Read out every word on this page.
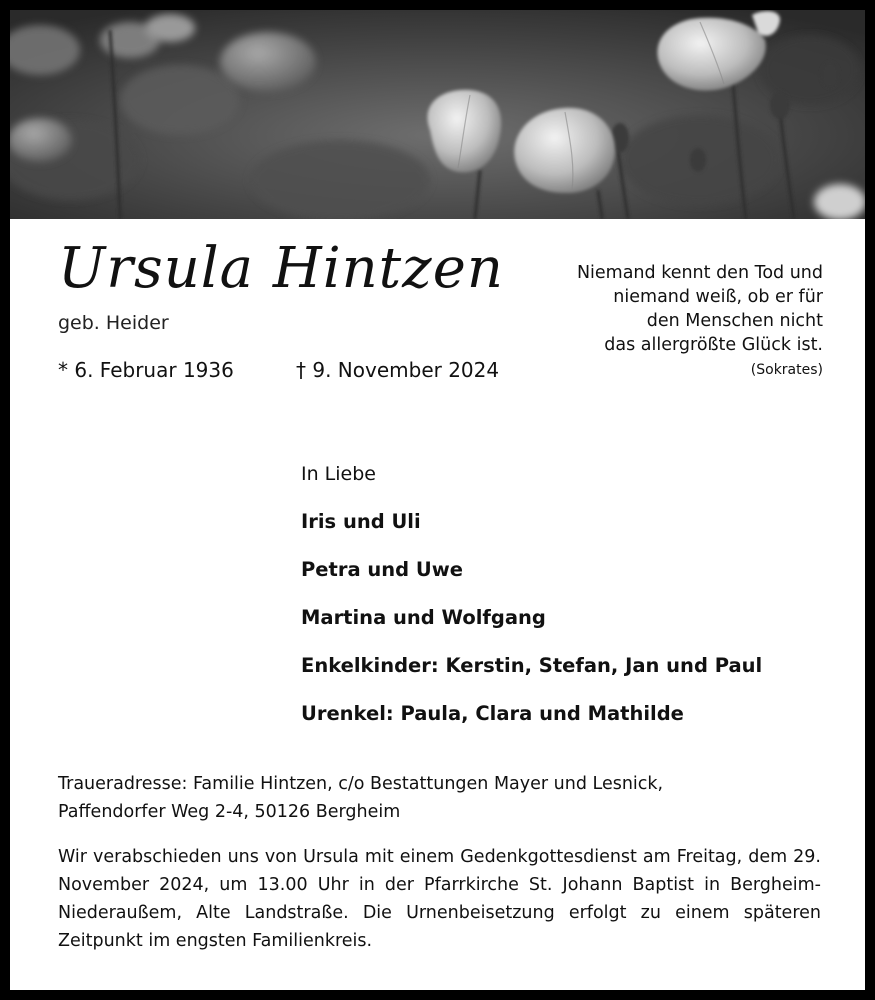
Ursula Hintzen
geb. Heider
* 6. Februar 1936	† 9. November 2024
Niemand kennt den Tod und
niemand weiß, ob er für
den Menschen nicht
das allergrößte Glück ist.
(Sokrates)
In Liebe
Iris und Uli
Petra und Uwe
Martina und Wolfgang
Enkelkinder: Kerstin, Stefan, Jan und Paul
Urenkel: Paula, Clara und Mathilde
Traueradresse: Familie Hintzen, c/o Bestattungen Mayer und Lesnick,
Paffendorfer Weg 2-4, 50126 Bergheim
Wir verabschieden uns von Ursula mit einem Gedenkgottesdienst am Freitag, dem 29. November 2024, um 13.00 Uhr in der Pfarrkirche St. Johann Baptist in Bergheim-Niederaußem, Alte Landstraße. Die Urnenbeisetzung erfolgt zu einem späteren Zeitpunkt im engsten Familienkreis.
